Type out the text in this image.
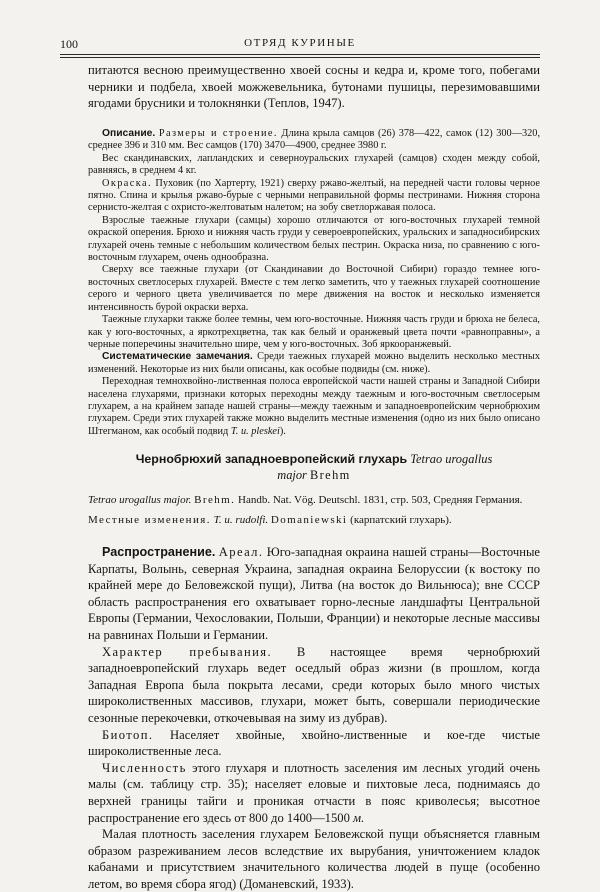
100	ОТРЯД КУРИНЫЕ

питаются весною преимущественно хвоей сосны и кедра и, кроме того, побегами черники и подбела, хвоей можжевельника, бутонами пушицы, перезимовавшими ягодами брусники и толокнянки (Теплов, 1947).

Описание. Размеры и строение. Длина крыла самцов (26) 378—422, самок (12) 300—320, среднее 396 и 310 мм. Вес самцов (170) 3470—4900, среднее 3980 г.

Вес скандинавских, лапландских и северноуральских глухарей (самцов) сходен между собой, равняясь, в среднем 4 кг.

Окраска. Пуховик (по Хартерту, 1921) сверху ржаво-желтый, на передней части головы черное пятно. Спина и крылья ржаво-бурые с черными неправильной формы пестринами. Нижняя сторона сернисто-желтая с охристо-желтоватым налетом; на зобу светлоржавая полоса.

Взрослые таежные глухари (самцы) хорошо отличаются от юго-восточных глухарей темной окраской оперения. Брюхо и нижняя часть груди у североевропейских, уральских и западносибирских глухарей очень темные с небольшим количеством белых пестрин. Окраска низа, по сравнению с юго-восточным глухарем, очень однообразна.

Сверху все таежные глухари (от Скандинавии до Восточной Сибири) гораздо темнее юго-восточных светлосерых глухарей. Вместе с тем легко заметить, что у таежных глухарей соотношение серого и черного цвета увеличивается по мере движения на восток и несколько изменяется интенсивность бурой окраски верха.

Таежные глухарки также более темны, чем юго-восточные. Нижняя часть груди и брюха не белеса, как у юго-восточных, а яркотрехцветна, так как белый и оранжевый цвета почти «равноправны», а черные поперечины значительно шире, чем у юго-восточных. Зоб яркооранжевый.

Систематические замечания. Среди таежных глухарей можно выделить несколько местных изменений. Некоторые из них были описаны, как особые подвиды (см. ниже).

Переходная темнохвойно-лиственная полоса европейской части нашей страны и Западной Сибири населена глухарями, признаки которых переходны между таежным и юго-восточным светлосерым глухарем, а на крайнем западе нашей страны—между таежным и западноевропейским чернобрюхим глухарем. Среди этих глухарей также можно выделить местные изменения (одно из них было описано Штегманом, как особый подвид T. u. pleskei).

Чернобрюхий западноевропейский глухарь Tetrao urogallus

major Brehm

Tetrao urogallus major. Brehm. Handb. Nat. Vög. Deutschl. 1831, стр. 503, Средняя Германия.

Местные изменения. T. u. rudolfi. Domaniewski (карпатский глухарь).

Распространение. Ареал. Юго-западная окраина нашей страны—Восточные Карпаты, Волынь, северная Украина, западная окраина Белоруссии (к востоку по крайней мере до Беловежской пущи), Литва (на восток до Вильнюса); вне СССР область распространения его охватывает горно-лесные ландшафты Центральной Европы (Германии, Чехословакии, Польши, Франции) и некоторые лесные массивы на равнинах Польши и Германии.

Характер пребывания. В настоящее время чернобрюхий западноевропейский глухарь ведет оседлый образ жизни (в прошлом, когда Западная Европа была покрыта лесами, среди которых было много чистых широколиственных массивов, глухари, может быть, совершали периодические сезонные перекочевки, откочевывая на зиму из дубрав).

Биотоп. Населяет хвойные, хвойно-лиственные и кое-где чистые широколиственные леса.

Численность этого глухаря и плотность заселения им лесных угодий очень малы (см. таблицу стр. 35); населяет еловые и пихтовые леса, поднимаясь до верхней границы тайги и проникая отчасти в пояс криволесья; высотное распространение его здесь от 800 до 1400—1500 м.

Малая плотность заселения глухарем Беловежской пущи объясняется главным образом разреживанием лесов вследствие их вырубания, уничтожением кладок кабанами и присутствием значительного количества людей в пуще (особенно летом, во время сбора ягод) (Доманевский, 1933).
